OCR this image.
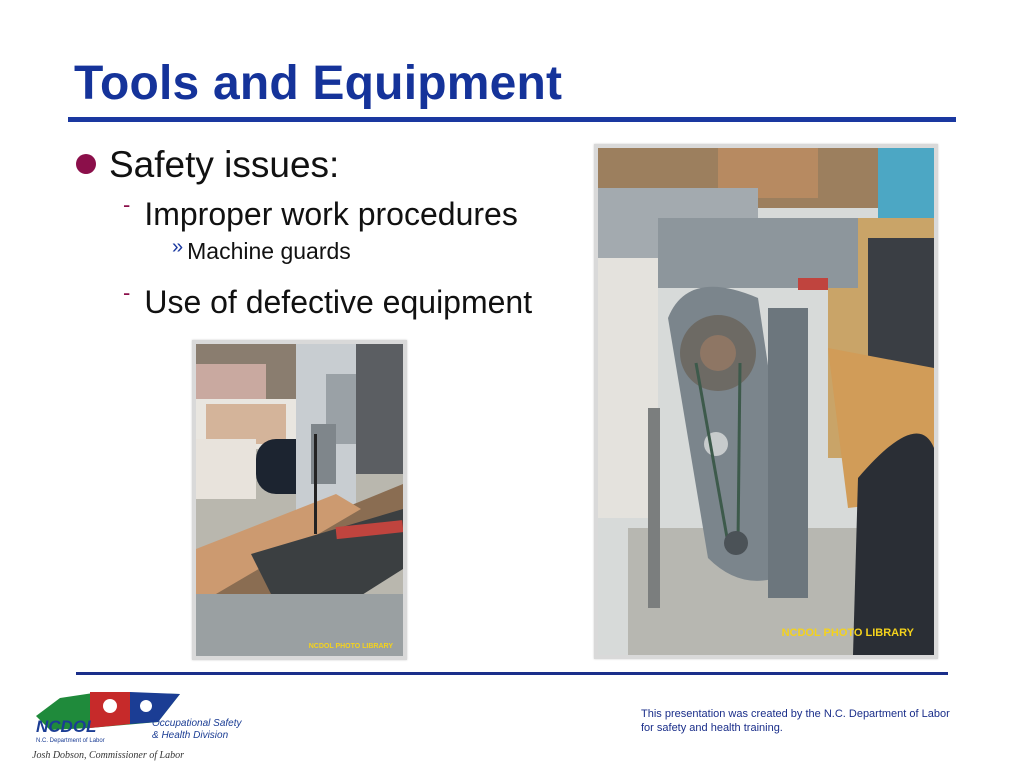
Tools and Equipment
Safety issues:
- Improper work procedures
» Machine guards
- Use of defective equipment
NCDOL PHOTO LIBRARY
NCDOL PHOTO LIBRARY
NCDOL
N.C. Department of Labor
Occupational Safety
& Health Division
Josh Dobson, Commissioner of Labor
This presentation was created by the N.C. Department of Labor for safety and health training.
